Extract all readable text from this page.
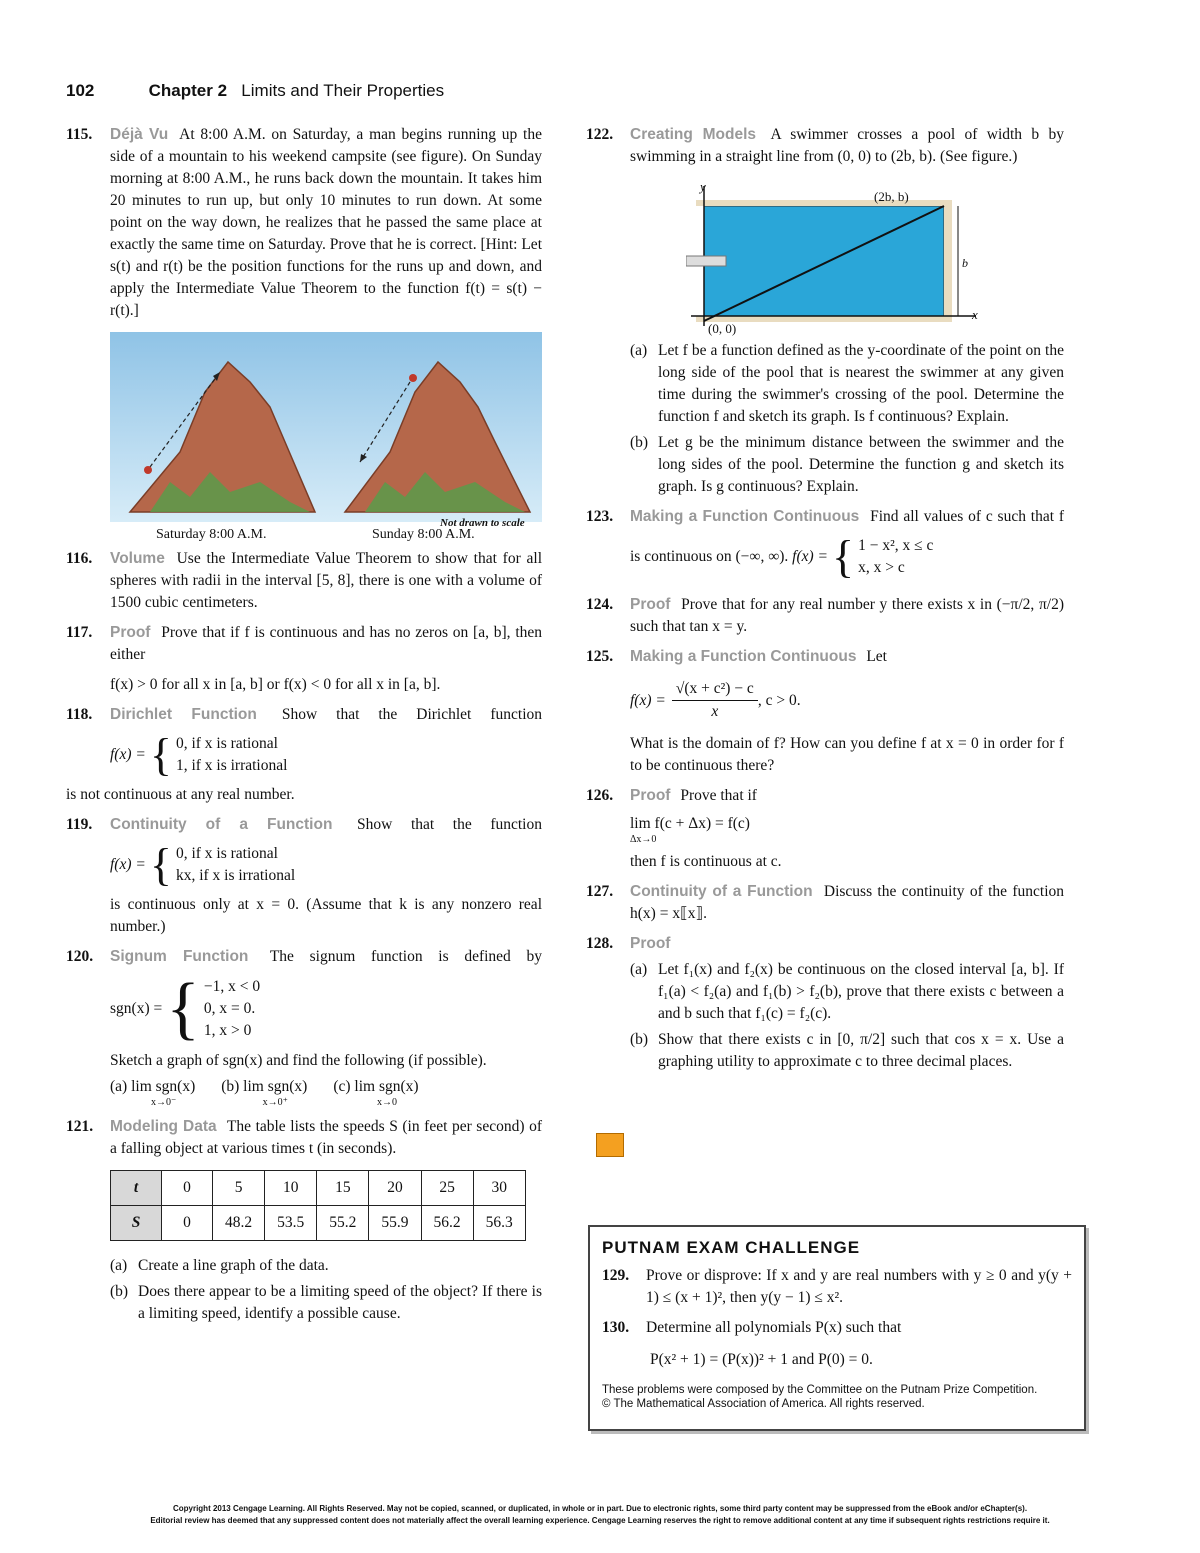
102	Chapter 2 Limits and Their Properties
115. Déjà Vu At 8:00 A.M. on Saturday, a man begins running up the side of a mountain to his weekend campsite (see figure). On Sunday morning at 8:00 A.M., he runs back down the mountain. It takes him 20 minutes to run up, but only 10 minutes to run down. At some point on the way down, he realizes that he passed the same place at exactly the same time on Saturday. Prove that he is correct. [Hint: Let s(t) and r(t) be the position functions for the runs up and down, and apply the Intermediate Value Theorem to the function f(t) = s(t) − r(t).]
Not drawn to scale
Saturday 8:00 A.M.	Sunday 8:00 A.M.
116. Volume Use the Intermediate Value Theorem to show that for all spheres with radii in the interval [5, 8], there is one with a volume of 1500 cubic centimeters.
117. Proof Prove that if f is continuous and has no zeros on [a, b], then either
f(x) > 0 for all x in [a, b] or f(x) < 0 for all x in [a, b].
118. Dirichlet Function Show that the Dirichlet function
f(x) = { 0, if x is rational
1, if x is irrational
is not continuous at any real number.
119. Continuity of a Function Show that the function
f(x) = { 0, if x is rational
kx, if x is irrational
is continuous only at x = 0. (Assume that k is any nonzero real number.)
120. Signum Function The signum function is defined by
sgn(x) = { −1, x < 0
0, x = 0.
1, x > 0
Sketch a graph of sgn(x) and find the following (if possible).
(a) lim sgn(x)
x→0⁻
(b) lim sgn(x)
x→0⁺
(c) lim sgn(x)
x→0
121. Modeling Data The table lists the speeds S (in feet per second) of a falling object at various times t (in seconds).
t	0	5	10	15	20	25	30
S	0	48.2	53.5	55.2	55.9	56.2	56.3
(a) Create a line graph of the data.
(b) Does there appear to be a limiting speed of the object? If there is a limiting speed, identify a possible cause.
122. Creating Models A swimmer crosses a pool of width b by swimming in a straight line from (0, 0) to (2b, b). (See figure.)
y
x
(2b, b)
(0, 0)
b
(a) Let f be a function defined as the y-coordinate of the point on the long side of the pool that is nearest the swimmer at any given time during the swimmer's crossing of the pool. Determine the function f and sketch its graph. Is f continuous? Explain.
(b) Let g be the minimum distance between the swimmer and the long sides of the pool. Determine the function g and sketch its graph. Is g continuous? Explain.
123. Making a Function Continuous Find all values of c such that f is continuous on (−∞, ∞). f(x) = { 1 − x², x ≤ c
x, x > c
124. Proof Prove that for any real number y there exists x in (−π/2, π/2) such that tan x = y.
125. Making a Function Continuous Let
$f(x) = \frac{\text{√(x + c²) − c}}{x}$ , c > 0.
What is the domain of f? How can you define f at x = 0 in order for f to be continuous there?
126. Proof Prove that if
lim f(c + Δx) = f(c)
Δx→0
then f is continuous at c.
127. Continuity of a Function Discuss the continuity of the function h(x) = x⟦x⟧.
128. Proof
(a) Let f₁(x) and f₂(x) be continuous on the closed interval [a, b]. If f₁(a) < f₂(a) and f₁(b) > f₂(b), prove that there exists c between a and b such that f₁(c) = f₂(c).
(b) Show that there exists c in [0, π/2] such that cos x = x. Use a graphing utility to approximate c to three decimal places.
PUTNAM EXAM CHALLENGE
129. Prove or disprove: If x and y are real numbers with y ≥ 0 and y(y + 1) ≤ (x + 1)², then y(y − 1) ≤ x².
130. Determine all polynomials P(x) such that
P(x² + 1) = (P(x))² + 1 and P(0) = 0.
These problems were composed by the Committee on the Putnam Prize Competition.
© The Mathematical Association of America. All rights reserved.
Copyright 2013 Cengage Learning. All Rights Reserved. May not be copied, scanned, or duplicated, in whole or in part. Due to electronic rights, some third party content may be suppressed from the eBook and/or eChapter(s).
Editorial review has deemed that any suppressed content does not materially affect the overall learning experience. Cengage Learning reserves the right to remove additional content at any time if subsequent rights restrictions require it.
